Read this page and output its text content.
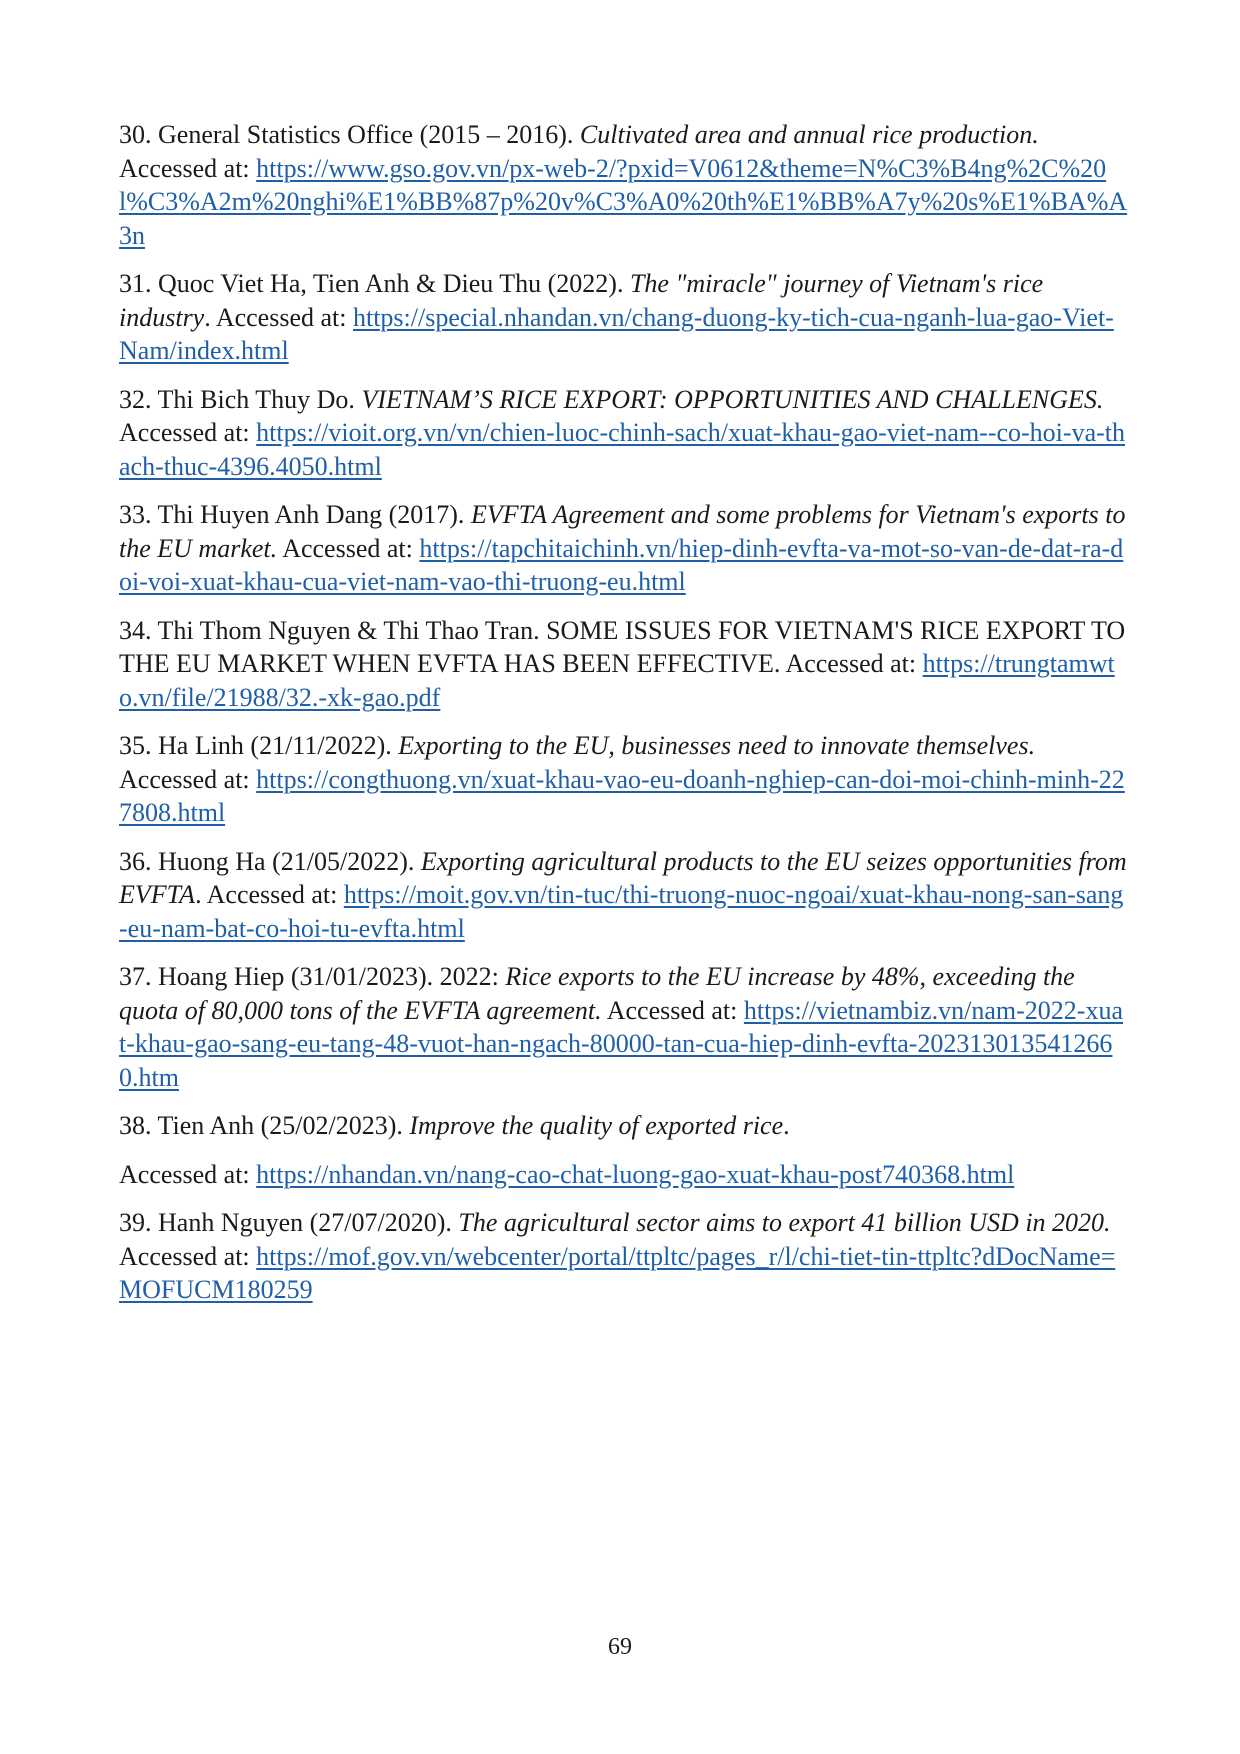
30. General Statistics Office (2015 – 2016). Cultivated area and annual rice production. Accessed at: https://www.gso.gov.vn/px-web-2/?pxid=V0612&theme=N%C3%B4ng%2C%20l%C3%A2m%20nghi%E1%BB%87p%20v%C3%A0%20th%E1%BB%A7y%20s%E1%BA%A3n

31. Quoc Viet Ha, Tien Anh & Dieu Thu (2022). The "miracle" journey of Vietnam's rice industry. Accessed at: https://special.nhandan.vn/chang-duong-ky-tich-cua-nganh-lua-gao-Viet-Nam/index.html

32. Thi Bich Thuy Do. VIETNAM’S RICE EXPORT: OPPORTUNITIES AND CHALLENGES. Accessed at: https://vioit.org.vn/vn/chien-luoc-chinh-sach/xuat-khau-gao-viet-nam--co-hoi-va-thach-thuc-4396.4050.html

33. Thi Huyen Anh Dang (2017). EVFTA Agreement and some problems for Vietnam's exports to the EU market. Accessed at: https://tapchitaichinh.vn/hiep-dinh-evfta-va-mot-so-van-de-dat-ra-doi-voi-xuat-khau-cua-viet-nam-vao-thi-truong-eu.html

34. Thi Thom Nguyen & Thi Thao Tran. SOME ISSUES FOR VIETNAM'S RICE EXPORT TO THE EU MARKET WHEN EVFTA HAS BEEN EFFECTIVE. Accessed at: https://trungtamwto.vn/file/21988/32.-xk-gao.pdf

35. Ha Linh (21/11/2022). Exporting to the EU, businesses need to innovate themselves. Accessed at: https://congthuong.vn/xuat-khau-vao-eu-doanh-nghiep-can-doi-moi-chinh-minh-227808.html

36. Huong Ha (21/05/2022). Exporting agricultural products to the EU seizes opportunities from EVFTA. Accessed at: https://moit.gov.vn/tin-tuc/thi-truong-nuoc-ngoai/xuat-khau-nong-san-sang-eu-nam-bat-co-hoi-tu-evfta.html

37. Hoang Hiep (31/01/2023). 2022: Rice exports to the EU increase by 48%, exceeding the quota of 80,000 tons of the EVFTA agreement. Accessed at: https://vietnambiz.vn/nam-2022-xuat-khau-gao-sang-eu-tang-48-vuot-han-ngach-80000-tan-cua-hiep-dinh-evfta-2023130135412660.htm

38. Tien Anh (25/02/2023). Improve the quality of exported rice.
Accessed at: https://nhandan.vn/nang-cao-chat-luong-gao-xuat-khau-post740368.html

39. Hanh Nguyen (27/07/2020). The agricultural sector aims to export 41 billion USD in 2020. Accessed at: https://mof.gov.vn/webcenter/portal/ttpltc/pages_r/l/chi-tiet-tin-ttpltc?dDocName=MOFUCM180259

69
